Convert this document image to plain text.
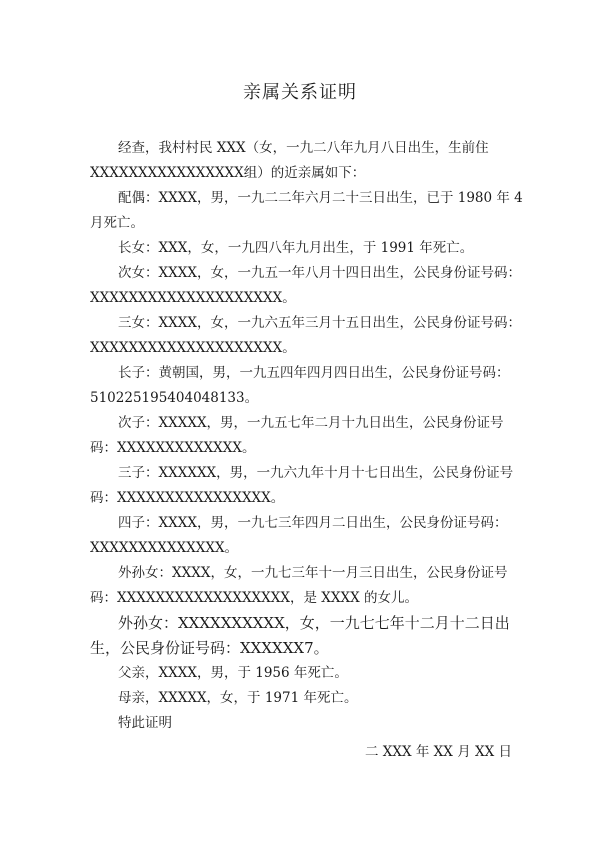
亲属关系证明

经查，我村村民 XXX（女，一九二八年九月八日出生，生前住XXXXXXXXXXXXXXXX组）的近亲属如下：

配偶：XXXX，男，一九二二年六月二十三日出生，已于 1980 年 4 月死亡。

长女：XXX，女，一九四八年九月出生，于 1991 年死亡。

次女：XXXX，女，一九五一年八月十四日出生，公民身份证号码：XXXXXXXXXXXXXXXXXXXX。

三女：XXXX，女，一九六五年三月十五日出生，公民身份证号码：XXXXXXXXXXXXXXXXXXXX。

长子：黄朝国，男，一九五四年四月四日出生，公民身份证号码：510225195404048133。

次子：XXXXX，男，一九五七年二月十九日出生，公民身份证号码：XXXXXXXXXXXXX。

三子：XXXXXX，男，一九六九年十月十七日出生，公民身份证号码：XXXXXXXXXXXXXXXX。

四子：XXXX，男，一九七三年四月二日出生，公民身份证号码：XXXXXXXXXXXXXX。

外孙女：XXXX，女，一九七三年十一月三日出生，公民身份证号码：XXXXXXXXXXXXXXXXXX，是 XXXX 的女儿。

外孙女：XXXXXXXXXX，女，一九七七年十二月十二日出生，公民身份证号码：XXXXXX7。

父亲，XXXX，男，于 1956 年死亡。

母亲，XXXXX，女，于 1971 年死亡。

特此证明

二 XXX 年 XX 月 XX 日
